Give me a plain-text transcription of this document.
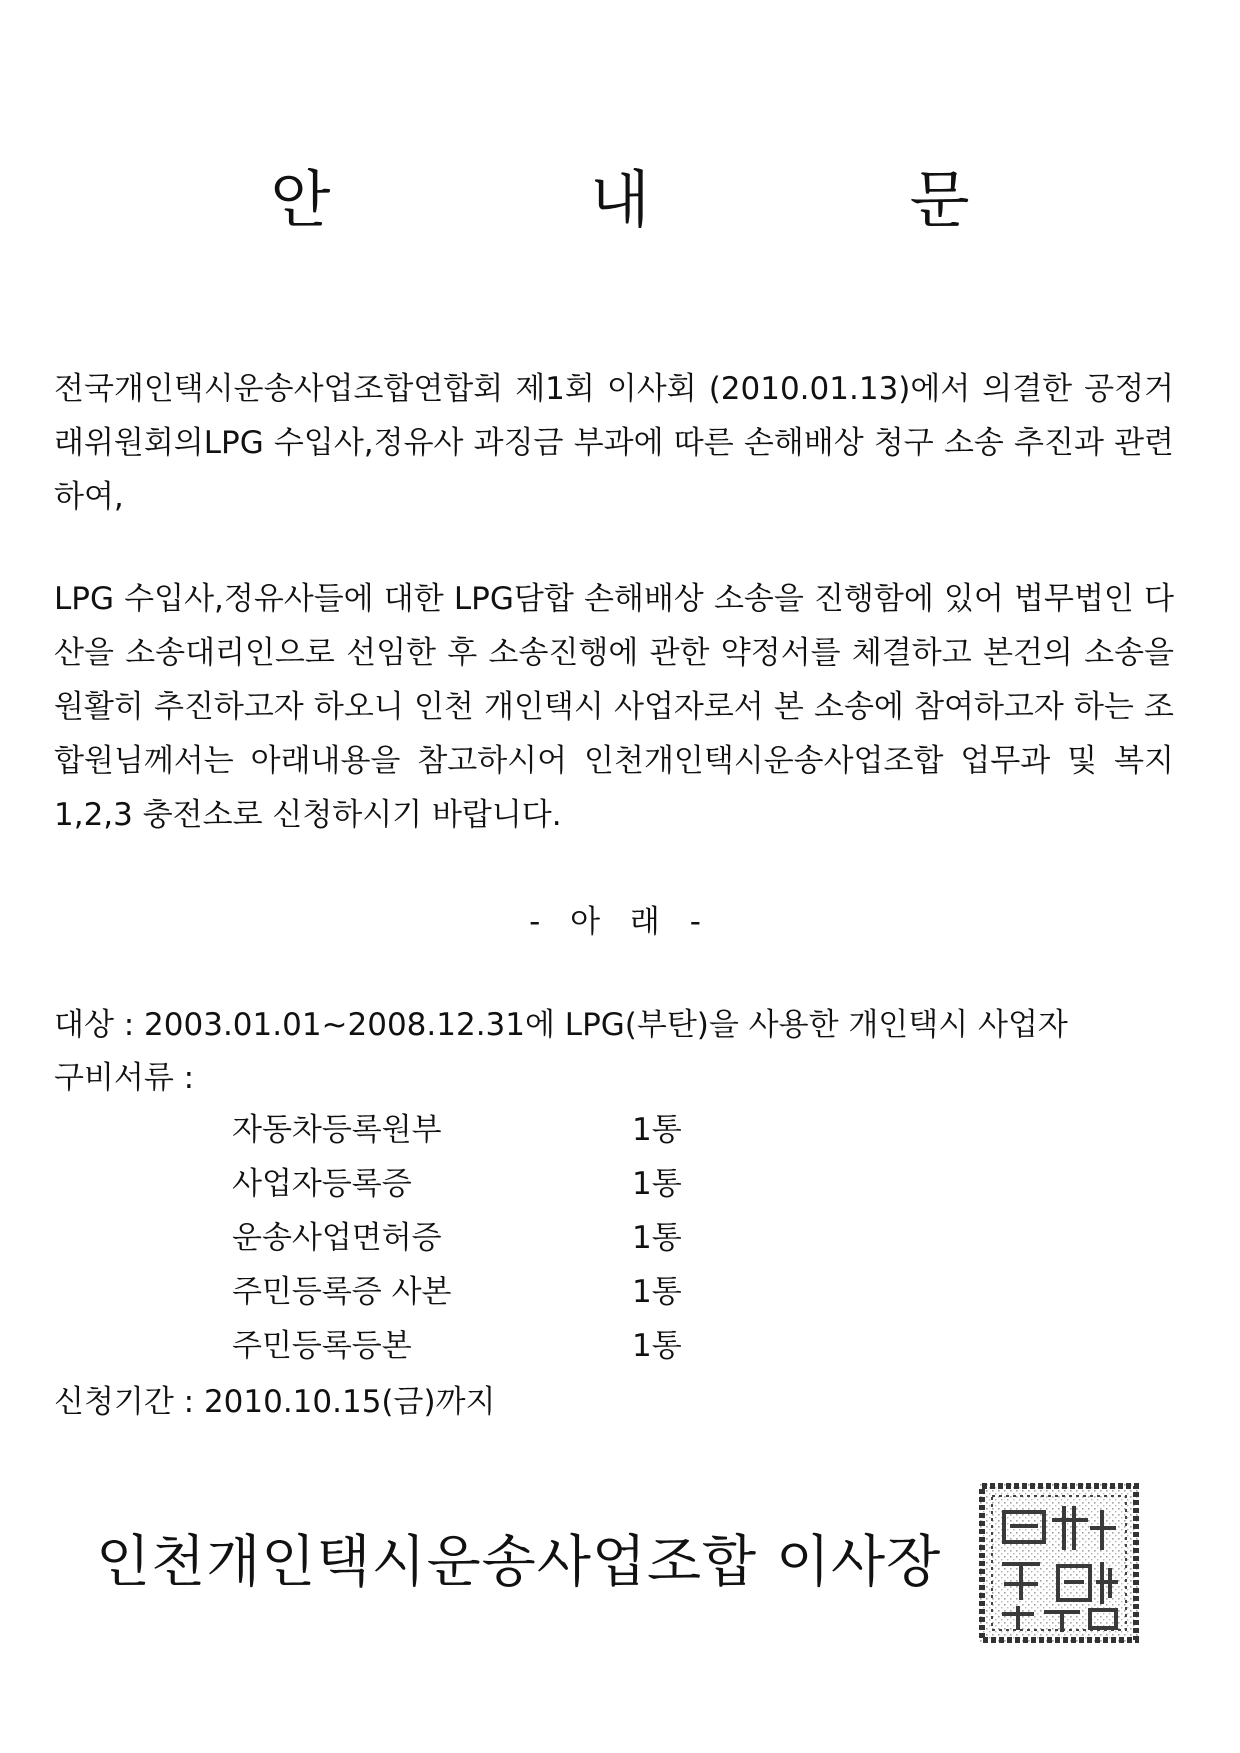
안 내 문

전국개인택시운송사업조합연합회 제1회 이사회 (2010.01.13)에서 의결한 공정거래위원회의LPG 수입사,정유사 과징금 부과에 따른 손해배상 청구 소송 추진과 관련하여,

LPG 수입사,정유사들에 대한 LPG담합 손해배상 소송을 진행함에 있어 법무법인 다산을 소송대리인으로 선임한 후 소송진행에 관한 약정서를 체결하고 본건의 소송을 원활히 추진하고자 하오니 인천 개인택시 사업자로서 본 소송에 참여하고자 하는 조합원님께서는 아래내용을 참고하시어 인천개인택시운송사업조합 업무과 및 복지 1,2,3 충전소로 신청하시기 바랍니다.

- 아 래 -
대상 : 2003.01.01~2008.12.31에 LPG(부탄)을 사용한 개인택시 사업자
구비서류 :
자동차등록원부	1통
사업자등록증	1통
운송사업면허증	1통
주민등록증 사본	1통
주민등록등본	1통
신청기간 : 2010.10.15(금)까지
인천개인택시운송사업조합 이사장
